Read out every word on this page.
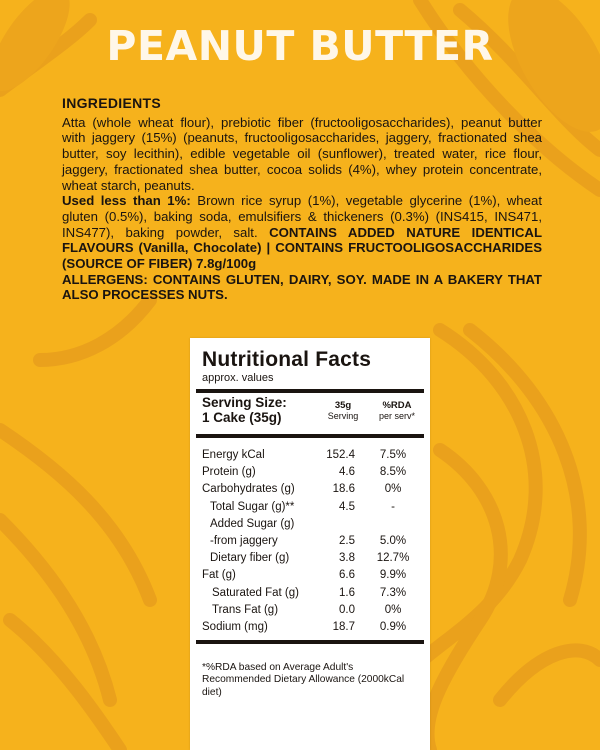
PEANUT BUTTER
INGREDIENTS
Atta (whole wheat flour), prebiotic fiber (fructooligosaccharides), peanut butter with jaggery (15%) (peanuts, fructooligosaccharides, jaggery, fractionated shea butter, soy lecithin), edible vegetable oil (sunflower), treated water, rice flour, jaggery, fractionated shea butter, cocoa solids (4%), whey protein concentrate, wheat starch, peanuts.
Used less than 1%: Brown rice syrup (1%), vegetable glycerine (1%), wheat gluten (0.5%), baking soda, emulsifiers & thickeners (0.3%) (INS415, INS471, INS477), baking powder, salt. CONTAINS ADDED NATURE IDENTICAL FLAVOURS (Vanilla, Chocolate) | CONTAINS FRUCTOOLIGOSACCHARIDES (SOURCE OF FIBER) 7.8g/100g
ALLERGENS: CONTAINS GLUTEN, DAIRY, SOY. MADE IN A BAKERY THAT ALSO PROCESSES NUTS.
Nutritional Facts
approx. values
Serving Size:
1 Cake (35g)
35g
Serving
%RDA
per serv*
Energy kCal	152.4	7.5%
Protein (g)	4.6	8.5%
Carbohydrates (g)	18.6	0%
Total Sugar (g)**	4.5	-
Added Sugar (g)
-from jaggery	2.5	5.0%
Dietary fiber (g)	3.8	12.7%
Fat (g)	6.6	9.9%
Saturated Fat (g)	1.6	7.3%
Trans Fat (g)	0.0	0%
Sodium (mg)	18.7	0.9%
*%RDA based on Average Adult's Recommended Dietary Allowance (2000kCal diet)
